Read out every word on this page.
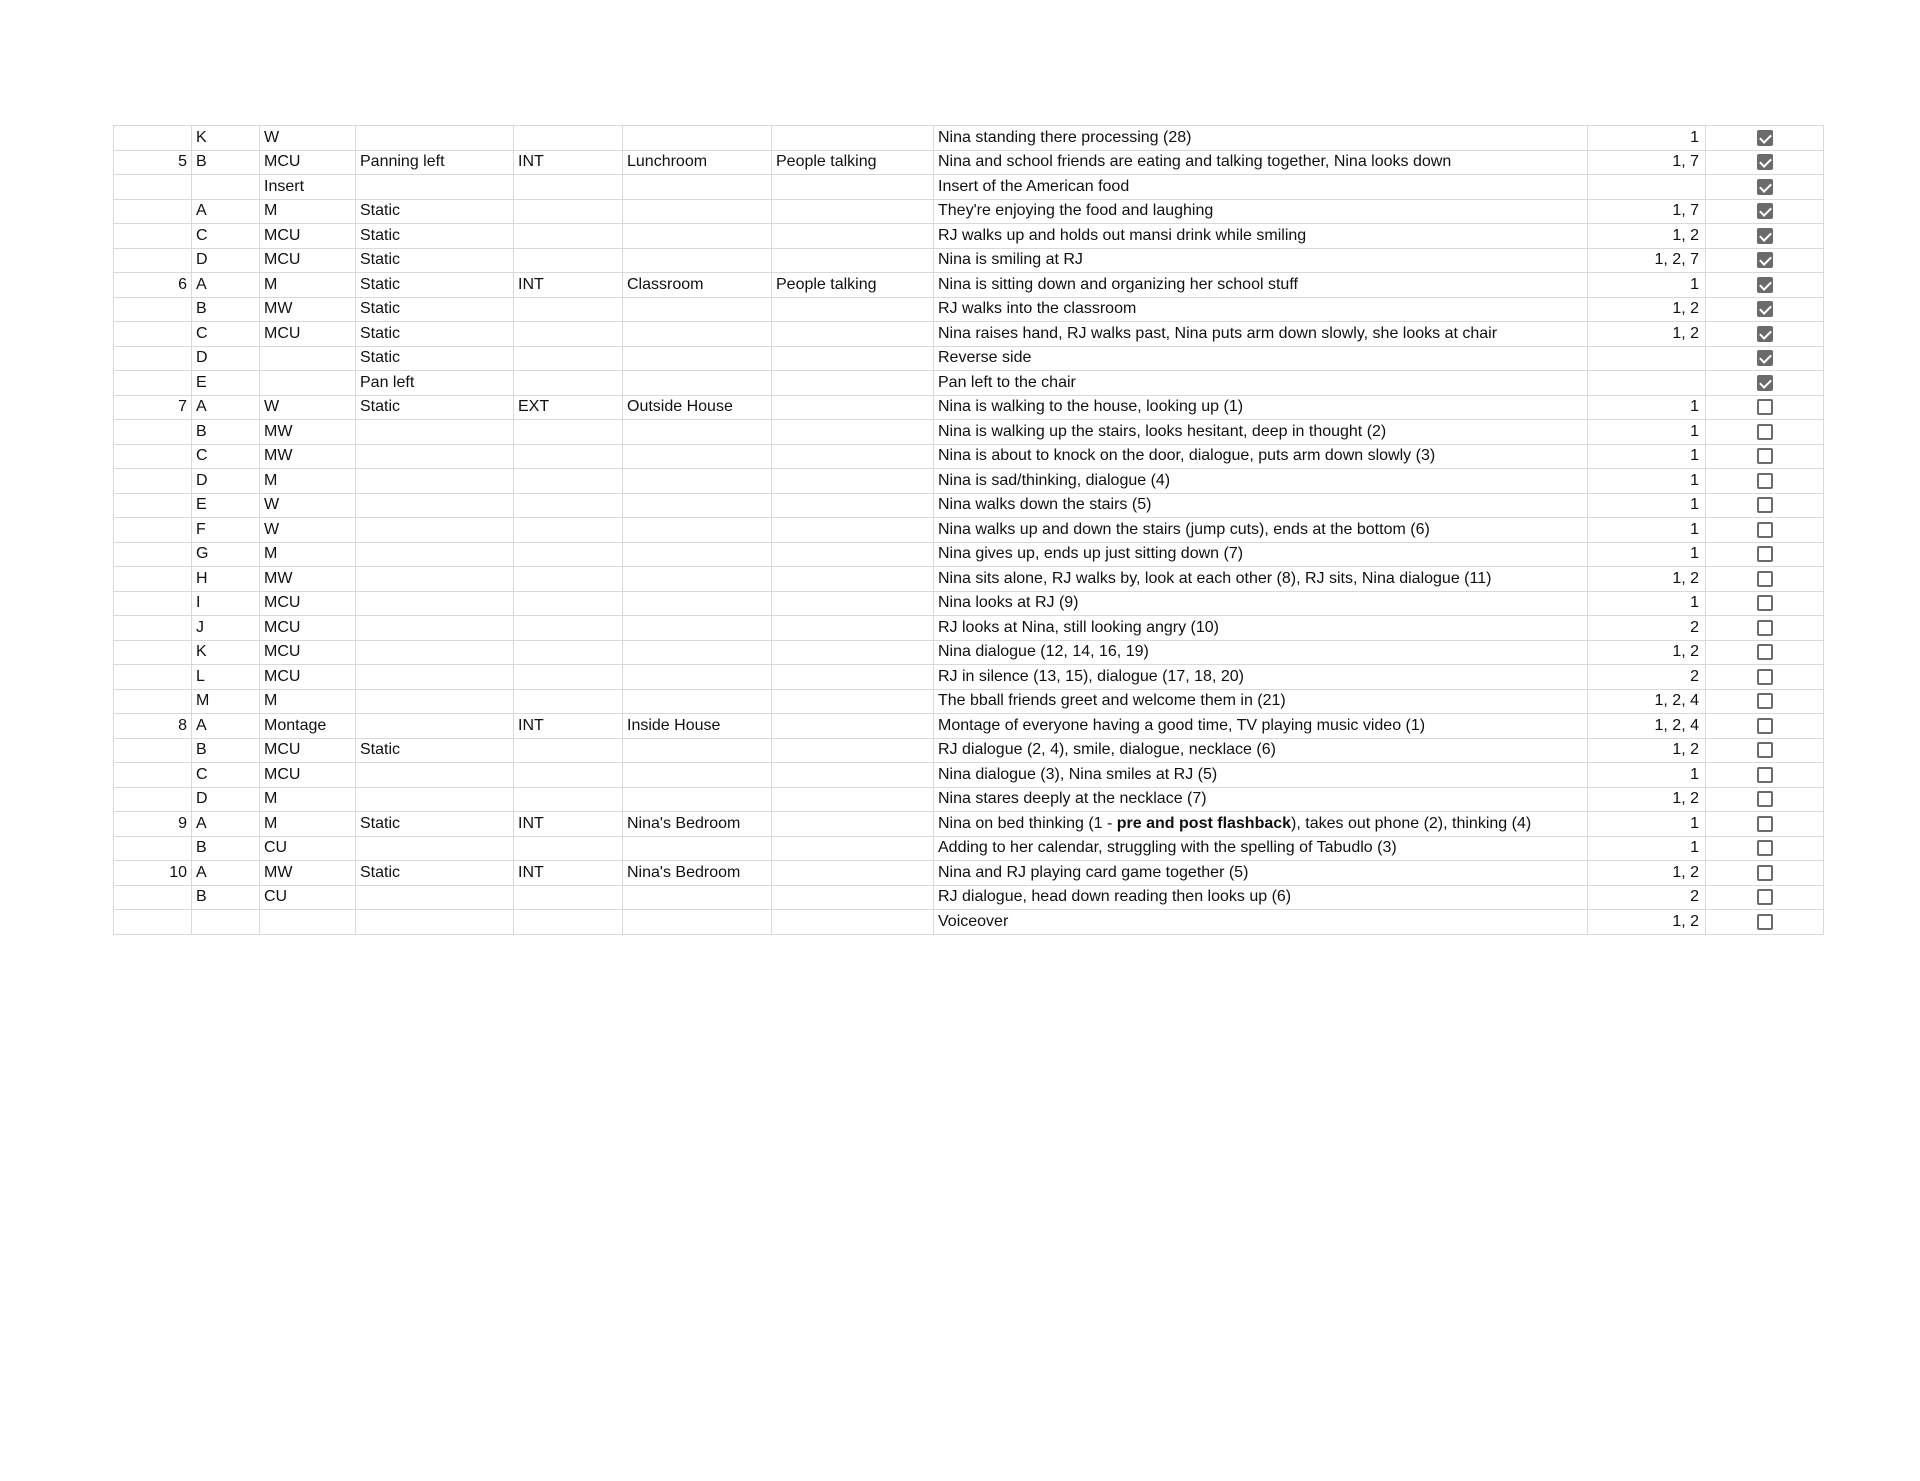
	K	W					Nina standing there processing (28)	1	
5	B	MCU	Panning left	INT	Lunchroom	People talking	Nina and school friends are eating and talking together, Nina looks down	1, 7	
		Insert					Insert of the American food		
	A	M	Static				They're enjoying the food and laughing	1, 7	
	C	MCU	Static				RJ walks up and holds out mansi drink while smiling	1, 2	
	D	MCU	Static				Nina is smiling at RJ	1, 2, 7	
6	A	M	Static	INT	Classroom	People talking	Nina is sitting down and organizing her school stuff	1	
	B	MW	Static				RJ walks into the classroom	1, 2	
	C	MCU	Static				Nina raises hand, RJ walks past, Nina puts arm down slowly, she looks at chair	1, 2	
	D		Static				Reverse side		
	E		Pan left				Pan left to the chair		
7	A	W	Static	EXT	Outside House		Nina is walking to the house, looking up (1)	1	
	B	MW					Nina is walking up the stairs, looks hesitant, deep in thought (2)	1	
	C	MW					Nina is about to knock on the door, dialogue, puts arm down slowly (3)	1	
	D	M					Nina is sad/thinking, dialogue (4)	1	
	E	W					Nina walks down the stairs (5)	1	
	F	W					Nina walks up and down the stairs (jump cuts), ends at the bottom (6)	1	
	G	M					Nina gives up, ends up just sitting down (7)	1	
	H	MW					Nina sits alone, RJ walks by, look at each other (8), RJ sits, Nina dialogue (11)	1, 2	
	I	MCU					Nina looks at RJ (9)	1	
	J	MCU					RJ looks at Nina, still looking angry (10)	2	
	K	MCU					Nina dialogue (12, 14, 16, 19)	1, 2	
	L	MCU					RJ in silence (13, 15), dialogue (17, 18, 20)	2	
	M	M					The bball friends greet and welcome them in (21)	1, 2, 4	
8	A	Montage		INT	Inside House		Montage of everyone having a good time, TV playing music video (1)	1, 2, 4	
	B	MCU	Static				RJ dialogue (2, 4), smile, dialogue, necklace (6)	1, 2	
	C	MCU					Nina dialogue (3), Nina smiles at RJ (5)	1	
	D	M					Nina stares deeply at the necklace (7)	1, 2	
9	A	M	Static	INT	Nina's Bedroom		Nina on bed thinking (1 - pre and post flashback), takes out phone (2), thinking (4)	1	
	B	CU					Adding to her calendar, struggling with the spelling of Tabudlo (3)	1	
10	A	MW	Static	INT	Nina's Bedroom		Nina and RJ playing card game together (5)	1, 2	
	B	CU					RJ dialogue, head down reading then looks up (6)	2	
							Voiceover	1, 2	
